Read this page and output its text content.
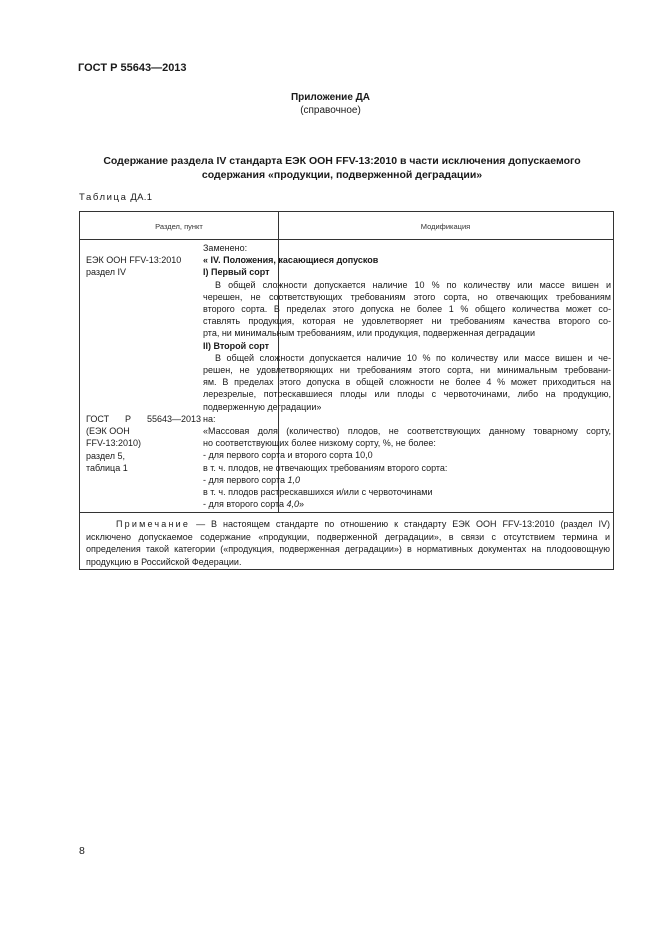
ГОСТ Р 55643—2013
Приложение ДА
(справочное)
Содержание раздела IV стандарта ЕЭК ООН FFV-13:2010 в части исключения допускаемого
содержания «продукции, подверженной деградации»
Таблица ДА.1
Раздел, пункт	Модификация
ЕЭК ООН FFV-13:2010
раздел IV
ГОСТ Р 55643—2013
(ЕЭК ООН
FFV-13:2010)
раздел 5,
таблица 1
Заменено:
« IV. Положения, касающиеся допусков
I) Первый сорт
В общей сложности допускается наличие 10 % по количеству или массе вишен и
черешен, не соответствующих требованиям этого сорта, но отвечающих требованиям
второго сорта. В пределах этого допуска не более 1 % общего количества может со-
ставлять продукция, которая не удовлетворяет ни требованиям качества второго со-
рта, ни минимальным требованиям, или продукция, подверженная деградации
II) Второй сорт
В общей сложности допускается наличие 10 % по количеству или массе вишен и че-
решен, не удовлетворяющих ни требованиям этого сорта, ни минимальным требовани-
ям. В пределах этого допуска в общей сложности не более 4 % может приходиться на
лерезрелые, потрескавшиеся плоды или плоды с червоточинами, либо на продукцию,
подверженную деградации»
на:
«Массовая доля (количество) плодов, не соответствующих данному товарному сорту,
но соответствующих более низкому сорту, %, не более:
- для первого сорта и второго сорта 10,0
в т. ч. плодов, не отвечающих требованиям второго сорта:
- для первого сорта 1,0
в т. ч. плодов растрескавшихся и/или с червоточинами
- для второго сорта 4,0»
Примечание — В настоящем стандарте по отношению к стандарту ЕЭК ООН FFV-13:2010 (раздел IV) исключено допускаемое содержание «продукции, подверженной деградации», в связи с отсутствием термина и определения такой категории («продукция, подверженная деградации») в нормативных документах на плодоовощную продукцию в Российской Федерации.
8
